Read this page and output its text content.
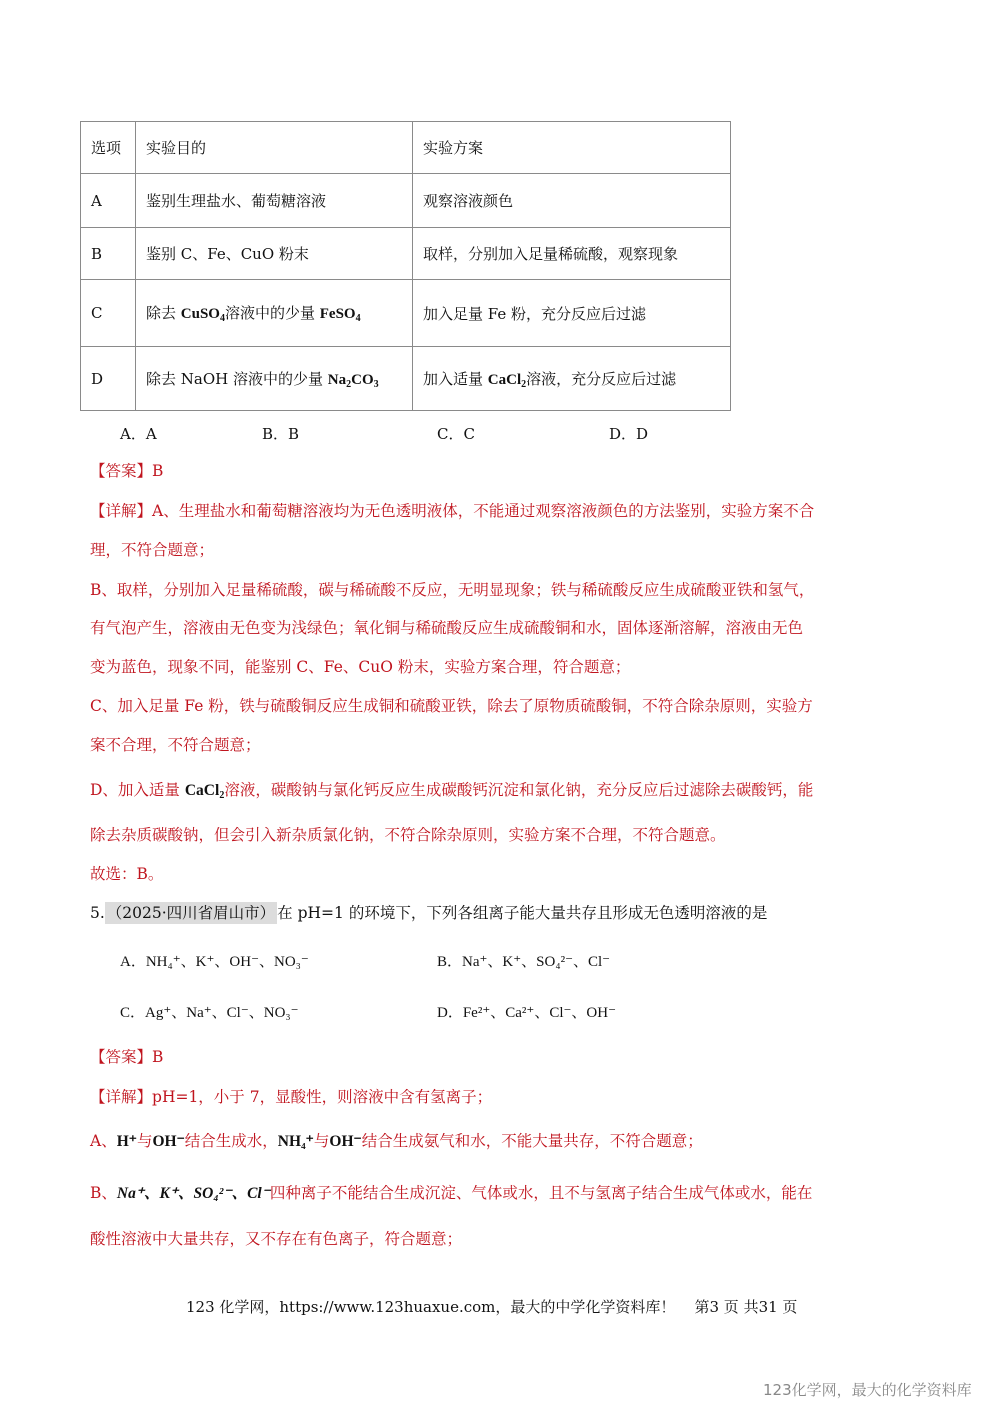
选项	实验目的	实验方案
A	鉴别生理盐水、葡萄糖溶液	观察溶液颜色
B	鉴别 C、Fe、CuO 粉末	取样，分别加入足量稀硫酸，观察现象
C	除去 CuSO$_4$溶液中的少量 FeSO$_4$	加入足量 Fe 粉，充分反应后过滤
D	除去 NaOH 溶液中的少量 $Na_2CO_3$	加入适量 CaCl$_2$溶液，充分反应后过滤
A．A	B．B	C．C	D．D
【答案】B
【详解】A、生理盐水和葡萄糖溶液均为无色透明液体，不能通过观察溶液颜色的方法鉴别，实验方案不合
理，不符合题意；
B、取样，分别加入足量稀硫酸，碳与稀硫酸不反应，无明显现象；铁与稀硫酸反应生成硫酸亚铁和氢气，
有气泡产生，溶液由无色变为浅绿色；氧化铜与稀硫酸反应生成硫酸铜和水，固体逐渐溶解，溶液由无色
变为蓝色，现象不同，能鉴别 C、Fe、CuO 粉末，实验方案合理，符合题意；
C、加入足量 Fe 粉，铁与硫酸铜反应生成铜和硫酸亚铁，除去了原物质硫酸铜，不符合除杂原则，实验方
案不合理，不符合题意；
D、加入适量 CaCl$_2$溶液，碳酸钠与氯化钙反应生成碳酸钙沉淀和氯化钠，充分反应后过滤除去碳酸钙，能
除去杂质碳酸钠，但会引入新杂质氯化钠，不符合除杂原则，实验方案不合理，不符合题意。
故选：B。
5. （2025·四川省眉山市） 在 pH=1 的环境下，下列各组离子能大量共存且形成无色透明溶液的是
A．NH₄⁺、K⁺、OH⁻、NO₃⁻	B．Na⁺、K⁺、SO₄²⁻、Cl⁻
C．Ag⁺、Na⁺、Cl⁻、NO₃⁻	D．Fe²⁺、Ca²⁺、Cl⁻、OH⁻
【答案】B
【详解】pH=1，小于 7，显酸性，则溶液中含有氢离子；
A、H⁺与OH⁻结合生成水，NH₄⁺与OH⁻结合生成氨气和水，不能大量共存，不符合题意；
B、Na⁺、K⁺、SO₄²⁻、Cl⁻四种离子不能结合生成沉淀、气体或水，且不与氢离子结合生成气体或水，能在
酸性溶液中大量共存，又不存在有色离子，符合题意；
123 化学网，https://www.123huaxue.com，最大的中学化学资料库！ 第3 页 共31 页
123化学网，最大的化学资料库
